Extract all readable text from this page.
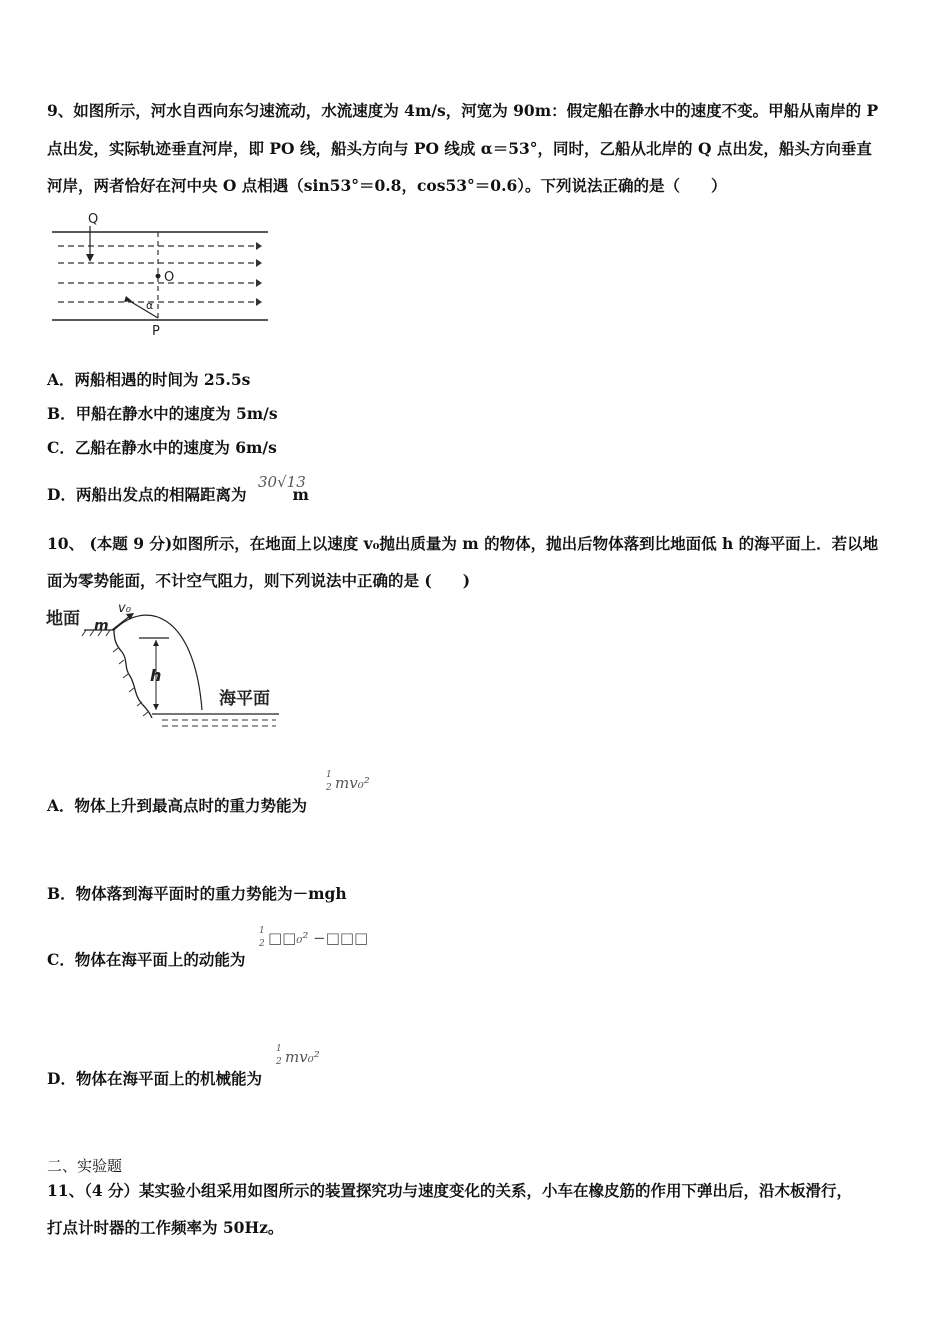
9、如图所示，河水自西向东匀速流动，水流速度为 4m/s，河宽为 90m：假定船在静水中的速度不变。甲船从南岸的 P
点出发，实际轨迹垂直河岸，即 PO 线，船头方向与 PO 线成 α＝53°，同时，乙船从北岸的 Q 点出发，船头方向垂直
河岸，两者恰好在河中央 O 点相遇（sin53°＝0.8，cos53°＝0.6）。下列说法正确的是（　　）
Q
O
P
α
A．两船相遇的时间为 25.5s
B．甲船在静水中的速度为 5m/s
C．乙船在静水中的速度为 6m/s
D．两船出发点的相隔距离为	m
30√13
10、 (本题 9 分)如图所示，在地面上以速度 v₀抛出质量为 m 的物体，抛出后物体落到比地面低 h 的海平面上．若以地
面为零势能面，不计空气阻力，则下列说法中正确的是 (　　)
地面 m
v₀
h
海平面
A．物体上升到最高点时的重力势能为
1
2 mv₀²
B．物体落到海平面时的重力势能为－mgh
C．物体在海平面上的动能为
1
2 □□₀² −□□□
D．物体在海平面上的机械能为
1
2 mv₀²
二、实验题
11、（4 分）某实验小组采用如图所示的装置探究功与速度变化的关系，小车在橡皮筋的作用下弹出后，沿木板滑行，
打点计时器的工作频率为 50Hz。
